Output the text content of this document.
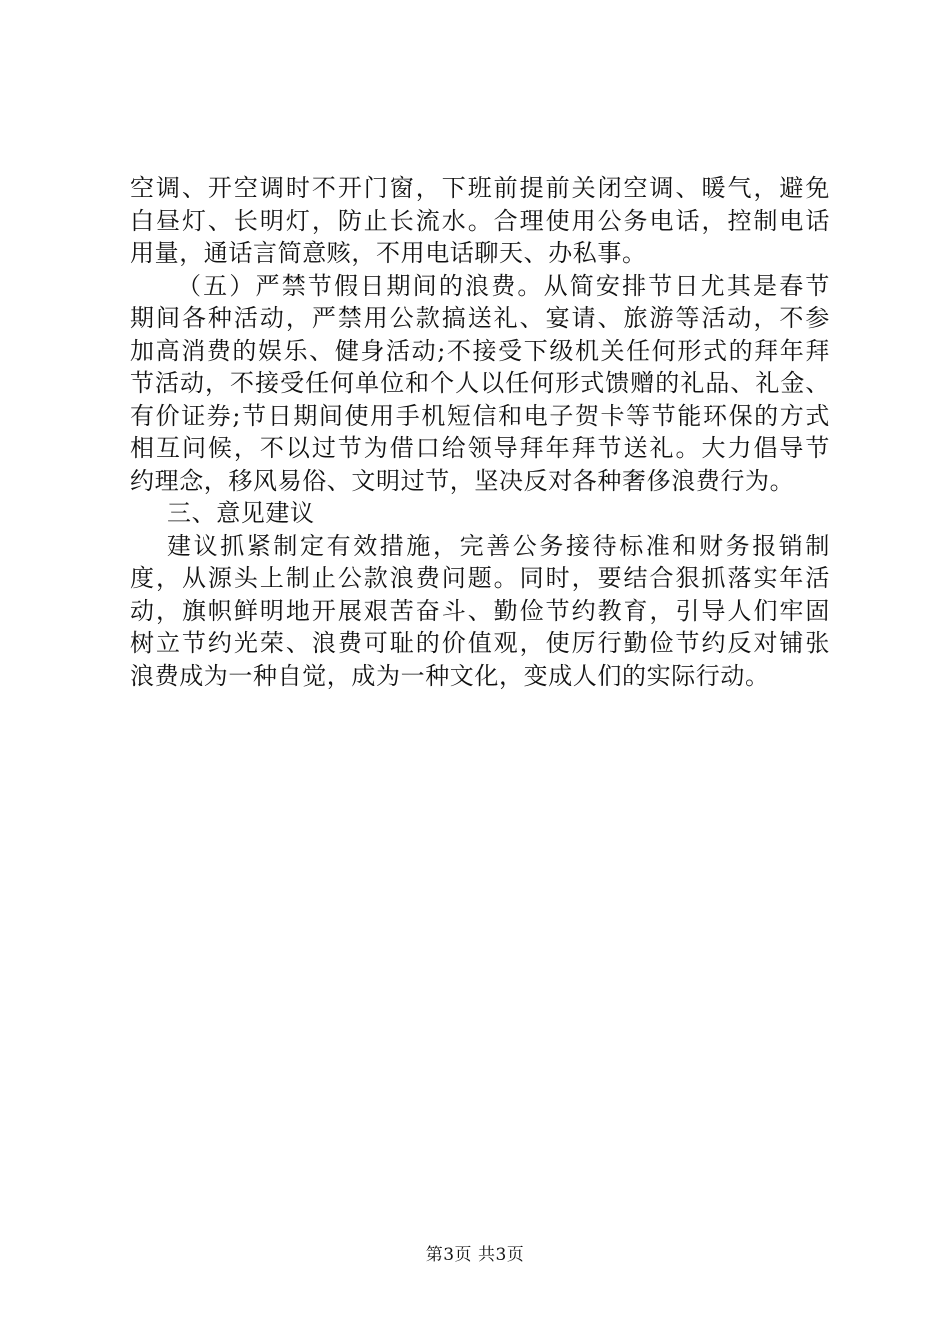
空调、开空调时不开门窗，下班前提前关闭空调、暖气，避免
白昼灯、长明灯，防止长流水。合理使用公务电话，控制电话
用量，通话言简意赅，不用电话聊天、办私事。
（五）严禁节假日期间的浪费。从简安排节日尤其是春节
期间各种活动，严禁用公款搞送礼、宴请、旅游等活动，不参
加高消费的娱乐、健身活动;不接受下级机关任何形式的拜年拜
节活动，不接受任何单位和个人以任何形式馈赠的礼品、礼金、
有价证券;节日期间使用手机短信和电子贺卡等节能环保的方式
相互问候，不以过节为借口给领导拜年拜节送礼。大力倡导节
约理念，移风易俗、文明过节，坚决反对各种奢侈浪费行为。
三、意见建议
建议抓紧制定有效措施，完善公务接待标准和财务报销制
度，从源头上制止公款浪费问题。同时，要结合狠抓落实年活
动，旗帜鲜明地开展艰苦奋斗、勤俭节约教育，引导人们牢固
树立节约光荣、浪费可耻的价值观，使厉行勤俭节约反对铺张
浪费成为一种自觉，成为一种文化，变成人们的实际行动。
第3页 共3页
